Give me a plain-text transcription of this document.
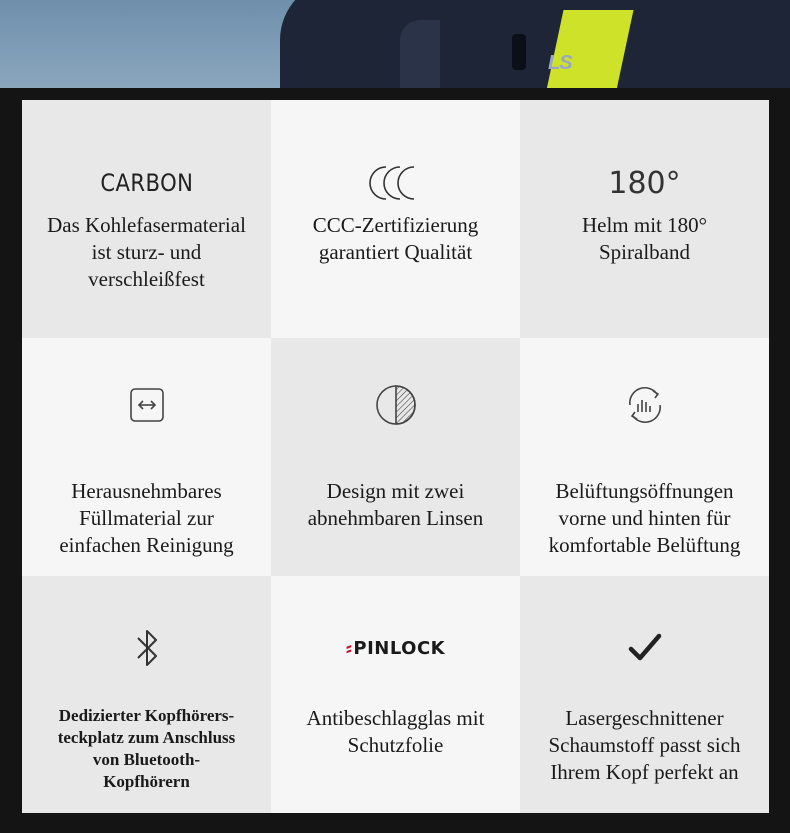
LS
CARBON
Das Kohlefasermaterial
ist sturz- und
verschleißfest
CCC-Zertifizierung
garantiert Qualität
180°
Helm mit 180°
Spiralband
Herausnehmbares
Füllmaterial zur
einfachen Reinigung
Design mit zwei
abnehmbaren Linsen
Belüftungsöffnungen
vorne und hinten für
komfortable Belüftung
Dedizierter Kopfhörers-
teckplatz zum Anschluss
von Bluetooth-
Kopfhörern
⸗ PINLOCK
Antibeschlagglas mit
Schutzfolie
Lasergeschnittener
Schaumstoff passt sich
Ihrem Kopf perfekt an
